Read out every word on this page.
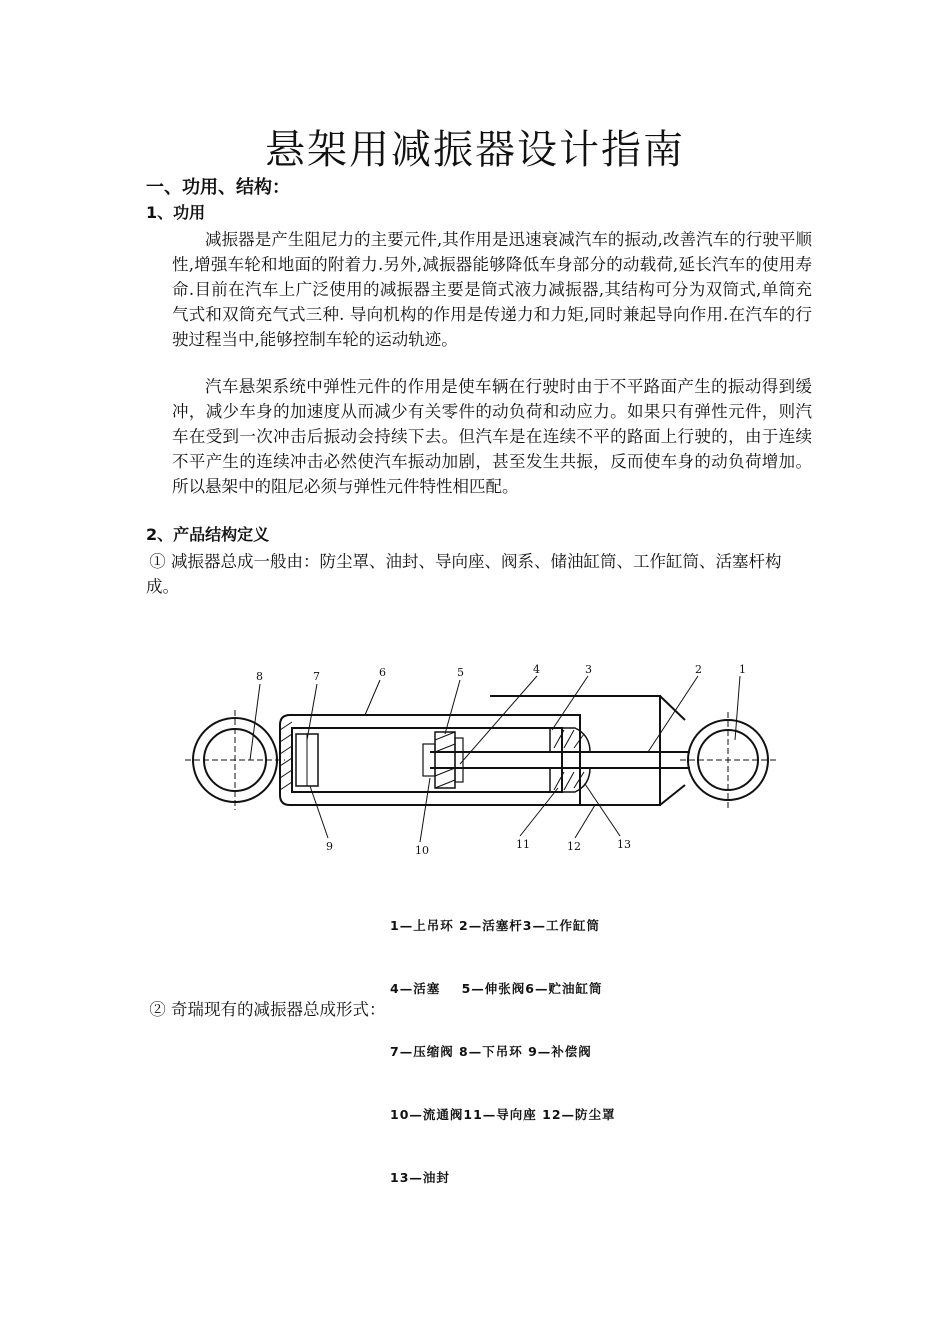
悬架用减振器设计指南
一、功用、结构：
1、功用

减振器是产生阻尼力的主要元件,其作用是迅速衰减汽车的振动,改善汽车的行驶平顺性,增强车轮和地面的附着力.另外,减振器能够降低车身部分的动载荷,延长汽车的使用寿命.目前在汽车上广泛使用的减振器主要是筒式液力减振器,其结构可分为双筒式,单筒充气式和双筒充气式三种. 导向机构的作用是传递力和力矩,同时兼起导向作用.在汽车的行驶过程当中,能够控制车轮的运动轨迹。

汽车悬架系统中弹性元件的作用是使车辆在行驶时由于不平路面产生的振动得到缓冲，减少车身的加速度从而减少有关零件的动负荷和动应力。如果只有弹性元件，则汽车在受到一次冲击后振动会持续下去。但汽车是在连续不平的路面上行驶的，由于连续不平产生的连续冲击必然使汽车振动加剧，甚至发生共振，反而使车身的动负荷增加。所以悬架中的阻尼必须与弹性元件特性相匹配。

2、产品结构定义

① 减振器总成一般由：防尘罩、油封、导向座、阀系、储油缸筒、工作缸筒、活塞杆构成。

8	7	6	5	4	3	2	1
9	10	11	12	13

1—上吊环 2—活塞杆3—工作缸筒

4—活塞    5—伸张阀6—贮油缸筒

7—压缩阀 8—下吊环 9—补偿阀

10—流通阀11—导向座 12—防尘罩

13—油封

② 奇瑞现有的减振器总成形式：
